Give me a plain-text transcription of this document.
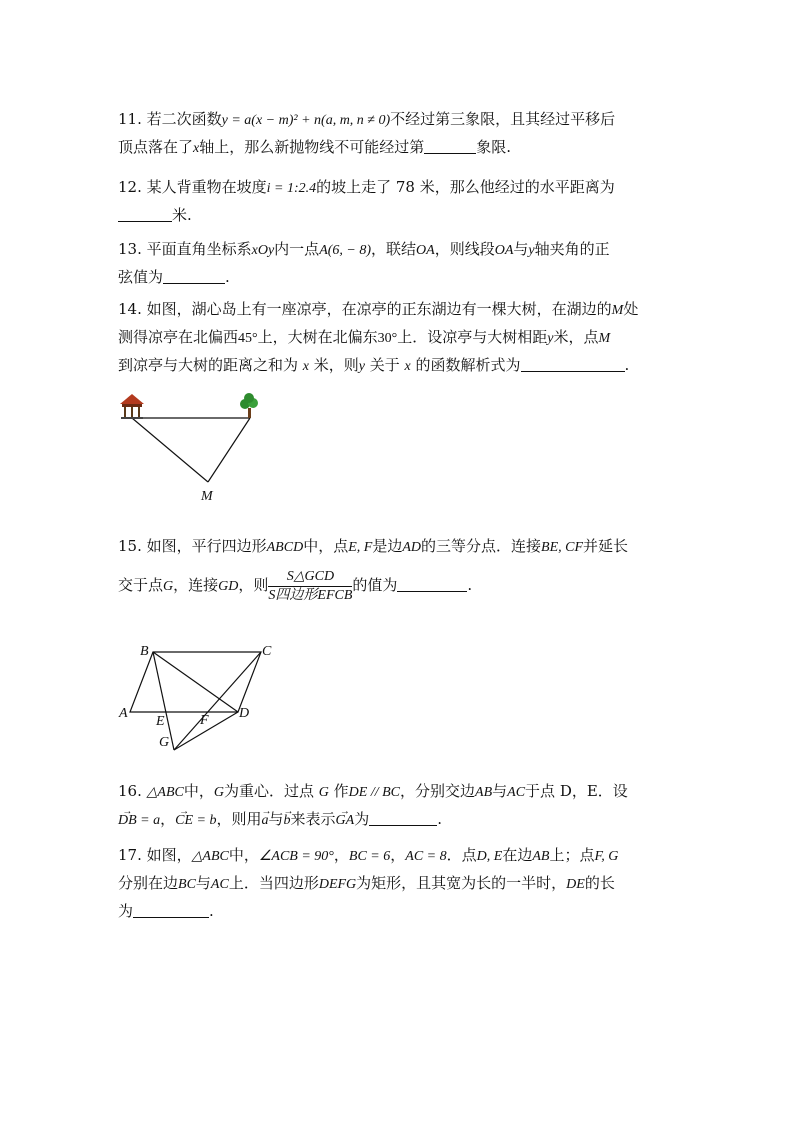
11. 若二次函数y = a(x − m)² + n(a, m, n ≠ 0)不经过第三象限，且其经过平移后
顶点落在了x轴上，那么新抛物线不可能经过第	象限.
12. 某人背重物在坡度i = 1:2.4的坡上走了 78 米，那么他经过的水平距离为
米.
13. 平面直角坐标系xOy内一点A(6, − 8)，联结OA，则线段OA与y轴夹角的正
弦值为	.
14. 如图，湖心岛上有一座凉亭，在凉亭的正东湖边有一棵大树，在湖边的M处
测得凉亭在北偏西45°上，大树在北偏东30°上．设凉亭与大树相距y米，点M
到凉亭与大树的距离之和为 x 米，则y 关于 x 的函数解析式为	.
M
15. 如图，平行四边形ABCD中，点E, F是边AD的三等分点．连接BE, CF并延长
交于点G，连接GD，则 $\frac{\text{S△GCD}}{\text{S四边形EFCB}}$ 的值为	.
B	C
A
E	F D
G
16. △ABC中，G为重心．过点 G 作DE // BC，分别交边AB与AC于点 D，E．设
→ DB = a，→ CE = b，则用→ a与→ b来表示→ GA为	.
17. 如图，△ABC中，∠ACB = 90°，BC = 6，AC = 8．点D, E在边AB上；点F, G
分别在边BC与AC上．当四边形DEFG为矩形，且其宽为长的一半时，DE的长
为	.
